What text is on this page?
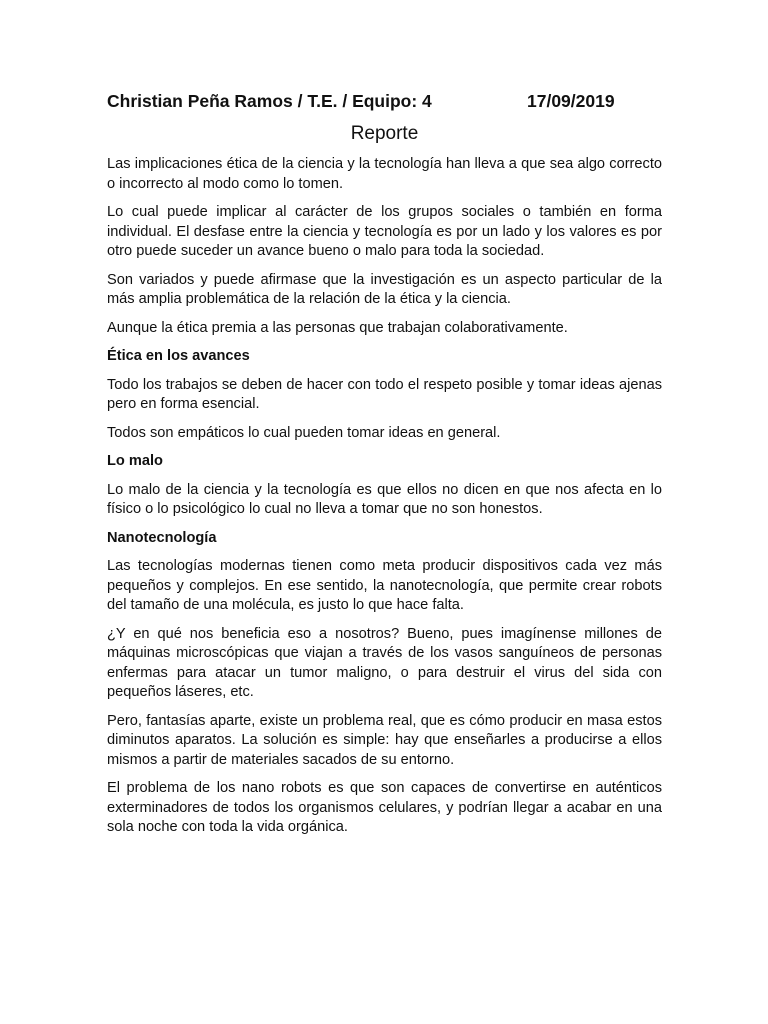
Christian Peña Ramos / T.E. / Equipo: 4	17/09/2019
Reporte

Las implicaciones ética de la ciencia y la tecnología han lleva a que sea algo correcto o incorrecto al modo como lo tomen.

Lo cual puede implicar al carácter de los grupos sociales o también en forma individual. El desfase entre la ciencia y tecnología es por un lado y los valores es por otro puede suceder un avance bueno o malo para toda la sociedad.

Son variados y puede afirmase que la investigación es un aspecto particular de la más amplia problemática de la relación de la ética y la ciencia.

Aunque la ética premia a las personas que trabajan colaborativamente.

Ética en los avances

Todo los trabajos se deben de hacer con todo el respeto posible y tomar ideas ajenas pero en forma esencial.

Todos son empáticos lo cual pueden tomar ideas en general.

Lo malo

Lo malo de la ciencia y la tecnología es que ellos no dicen en que nos afecta en lo físico o lo psicológico lo cual no lleva a tomar que no son honestos.

Nanotecnología

Las tecnologías modernas tienen como meta producir dispositivos cada vez más pequeños y complejos. En ese sentido, la nanotecnología, que permite crear robots del tamaño de una molécula, es justo lo que hace falta.

¿Y en qué nos beneficia eso a nosotros? Bueno, pues imagínense millones de máquinas microscópicas que viajan a través de los vasos sanguíneos de personas enfermas para atacar un tumor maligno, o para destruir el virus del sida con pequeños láseres, etc.

Pero, fantasías aparte, existe un problema real, que es cómo producir en masa estos diminutos aparatos. La solución es simple: hay que enseñarles a producirse a ellos mismos a partir de materiales sacados de su entorno.

El problema de los nano robots es que son capaces de convertirse en auténticos exterminadores de todos los organismos celulares, y podrían llegar a acabar en una sola noche con toda la vida orgánica.
